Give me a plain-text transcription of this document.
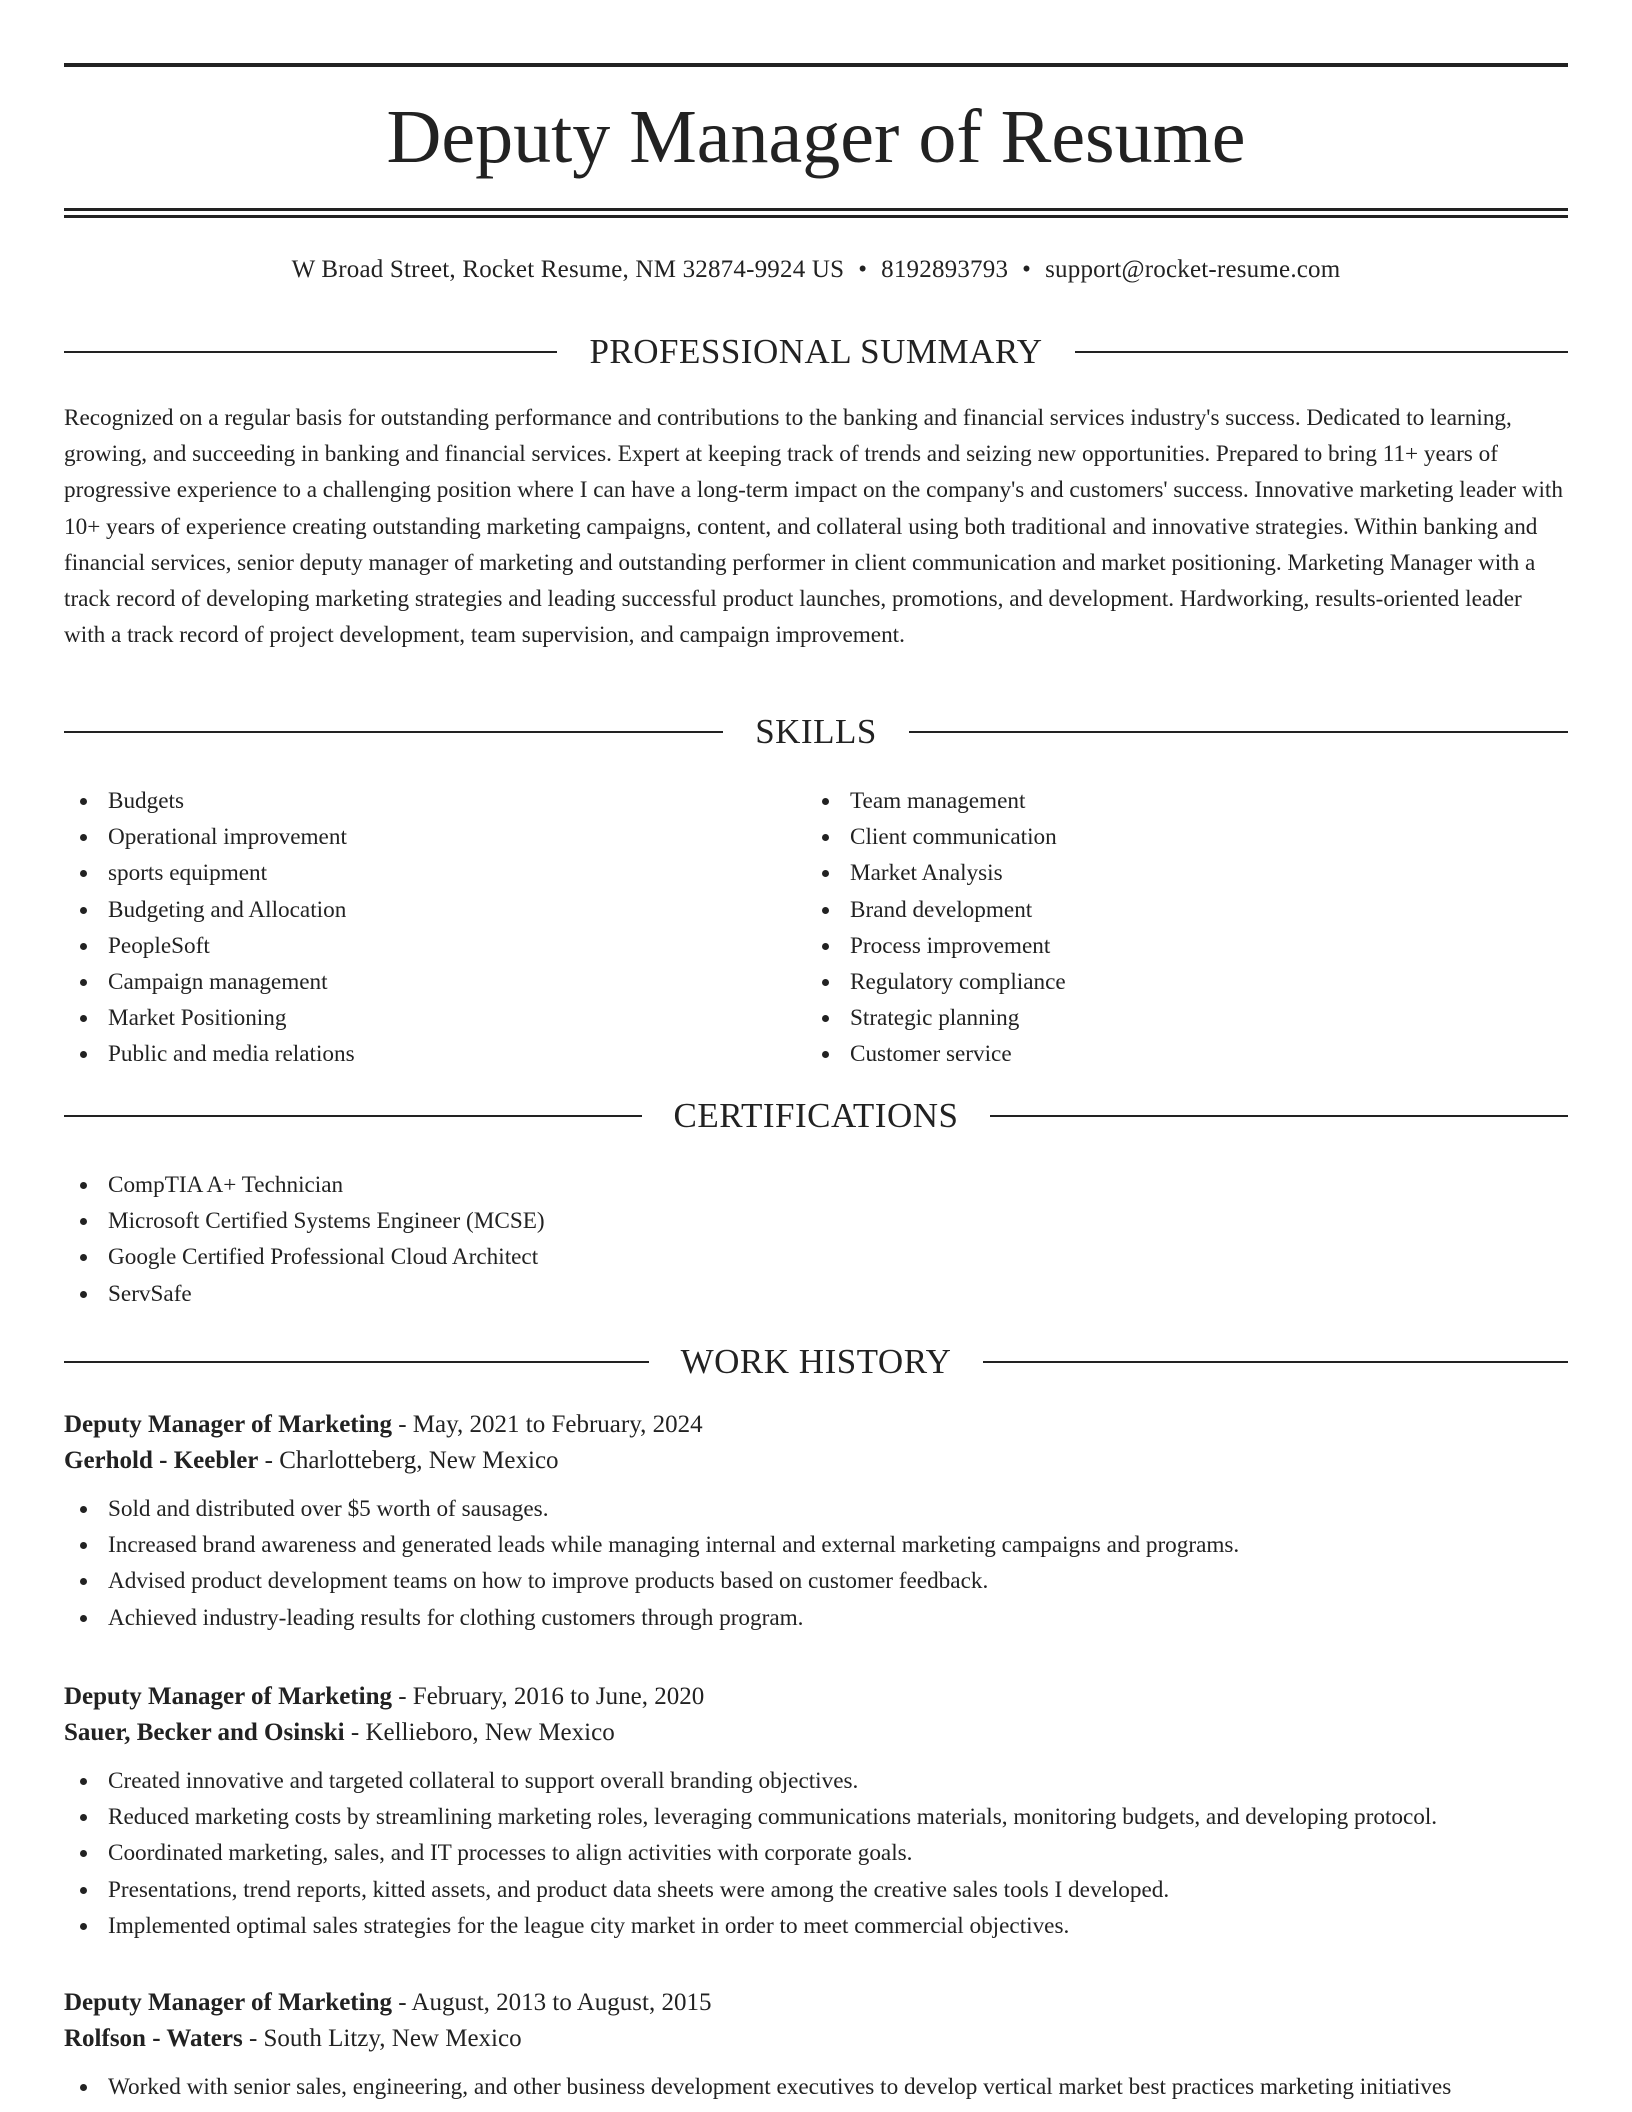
Deputy Manager of Resume
W Broad Street, Rocket Resume, NM 32874-9924 US • 8192893793 • support@rocket-resume.com
PROFESSIONAL SUMMARY

Recognized on a regular basis for outstanding performance and contributions to the banking and financial services industry's success. Dedicated to learning, growing, and succeeding in banking and financial services. Expert at keeping track of trends and seizing new opportunities. Prepared to bring 11+ years of progressive experience to a challenging position where I can have a long-term impact on the company's and customers' success. Innovative marketing leader with 10+ years of experience creating outstanding marketing campaigns, content, and collateral using both traditional and innovative strategies. Within banking and financial services, senior deputy manager of marketing and outstanding performer in client communication and market positioning. Marketing Manager with a track record of developing marketing strategies and leading successful product launches, promotions, and development. Hardworking, results-oriented leader with a track record of project development, team supervision, and campaign improvement.

SKILLS
Budgets
Operational improvement
sports equipment
Budgeting and Allocation
PeopleSoft
Campaign management
Market Positioning
Public and media relations
Team management
Client communication
Market Analysis
Brand development
Process improvement
Regulatory compliance
Strategic planning
Customer service
CERTIFICATIONS
CompTIA A+ Technician
Microsoft Certified Systems Engineer (MCSE)
Google Certified Professional Cloud Architect
ServSafe
WORK HISTORY
Deputy Manager of Marketing - May, 2021 to February, 2024
Gerhold - Keebler - Charlotteberg, New Mexico
Sold and distributed over $5 worth of sausages.
Increased brand awareness and generated leads while managing internal and external marketing campaigns and programs.
Advised product development teams on how to improve products based on customer feedback.
Achieved industry-leading results for clothing customers through program.
Deputy Manager of Marketing - February, 2016 to June, 2020
Sauer, Becker and Osinski - Kellieboro, New Mexico
Created innovative and targeted collateral to support overall branding objectives.
Reduced marketing costs by streamlining marketing roles, leveraging communications materials, monitoring budgets, and developing protocol.
Coordinated marketing, sales, and IT processes to align activities with corporate goals.
Presentations, trend reports, kitted assets, and product data sheets were among the creative sales tools I developed.
Implemented optimal sales strategies for the league city market in order to meet commercial objectives.
Deputy Manager of Marketing - August, 2013 to August, 2015
Rolfson - Waters - South Litzy, New Mexico
Worked with senior sales, engineering, and other business development executives to develop vertical market best practices marketing initiatives
